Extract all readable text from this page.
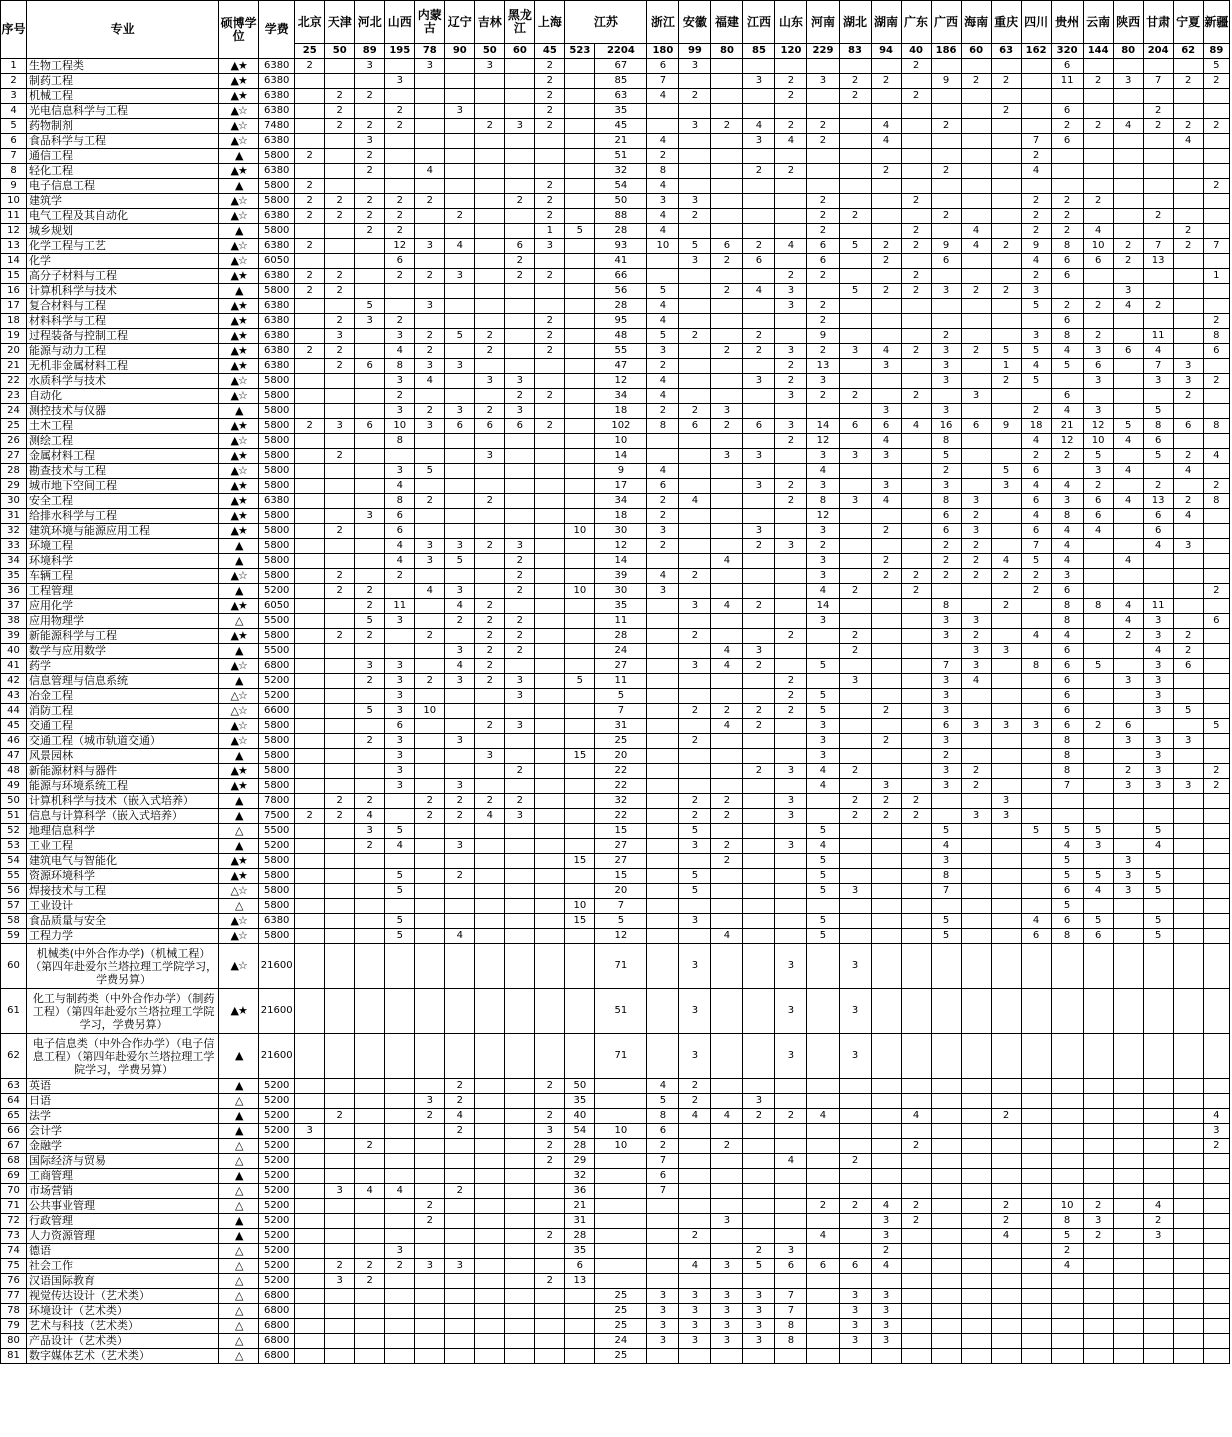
序号	专业	硕博学位	学费	北京	天津	河北	山西	内蒙古	辽宁	吉林	黑龙江	上海	江苏		浙江	安徽	福建	江西	山东	河南	湖北	湖南	广东	广西	海南	重庆	四川	贵州	云南	陕西	甘肃	宁夏	新疆
				25	50	89	195	78	90	50	60	45	523	2204	180	99	80	85	120	229	83	94	40	186	60	63	162	320	144	80	204	62	89
1	生物工程类	▲★	6380	2		3		3		3		2		67	6	3							2					6					5
2	制药工程	▲★	6380				3					2		85	7			3	2	3	2	2		9	2	2		11	2	3	7	2	2
3	机械工程	▲★	6380		2	2						2		63	4	2			2		2		2										
4	光电信息科学与工程	▲☆	6380		2		2		3			2		35												2		6			2		
5	药物制剂	▲☆	7480		2	2	2			2	3	2		45		3	2	4	2	2		4		2				2	2	4	2	2	2
6	食品科学与工程	▲☆	6380			3								21	4			3	4	2		4					7	6				4	
7	通信工程	▲	5800	2		2								51	2												2						
8	轻化工程	▲★	6380			2		4						32	8			2	2			2		2			4						
9	电子信息工程	▲	5800	2								2		54	4																		2
10	建筑学	▲☆	5800	2	2	2	2	2			2	2		50	3	3				2			2				2	2	2				
11	电气工程及其自动化	▲☆	6380	2	2	2	2		2			2		88	4	2				2	2			2			2	2			2		
12	城乡规划	▲	5800			2	2					1	5	28	4					2			2		4		2	2	4			2	
13	化学工程与工艺	▲☆	6380	2			12	3	4		6	3		93	10	5	6	2	4	6	5	2	2	9	4	2	9	8	10	2	7	2	7
14	化学	▲☆	6050				6				2			41		3	2	6		6		2		6			4	6	6	2	13		
15	高分子材料与工程	▲★	6380	2	2		2	2	3		2	2		66					2	2			2				2	6					1
16	计算机科学与技术	▲	5800	2	2									56	5		2	4	3		5	2	2	3	2	2	3			3			
17	复合材料与工程	▲★	6380			5		3						28	4				3	2							5	2	2	4	2		
18	材料科学与工程	▲★	6380		2	3	2					2		95	4					2								6					2
19	过程装备与控制工程	▲★	6380		3		3	2	5	2		2		48	5	2		2		9				2			3	8	2		11		8
20	能源与动力工程	▲★	6380	2	2		4	2		2		2		55	3		2	2	3	2	3	4	2	3	2	5	5	4	3	6	4		6
21	无机非金属材料工程	▲★	6380		2	6	8	3	3					47	2				2	13		3		3		1	4	5	6		7	3	
22	水质科学与技术	▲☆	5800				3	4		3	3			12	4			3	2	3				3		2	5		3		3	3	2
23	自动化	▲☆	5800				2				2	2		34	4				3	2	2		2		3			6				2	
24	测控技术与仪器	▲	5800				3	2	3	2	3			18	2	2	3					3		3			2	4	3		5		
25	土木工程	▲★	5800	2	3	6	10	3	6	6	6	2		102	8	6	2	6	3	14	6	6	4	16	6	9	18	21	12	5	8	6	8
26	测绘工程	▲☆	5800				8							10					2	12		4		8			4	12	10	4	6		
27	金属材料工程	▲★	5800		2					3				14			3	3		3	3	3		5			2	2	5		5	2	4
28	勘查技术与工程	▲☆	5800				3	5						9	4					4				2		5	6		3	4		4	
29	城市地下空间工程	▲★	5800				4							17	6			3	2	3		3		3		3	4	4	2		2		2
30	安全工程	▲★	6380				8	2		2				34	2	4			2	8	3	4		8	3		6	3	6	4	13	2	8
31	给排水科学与工程	▲★	5800			3	6							18	2					12				6	2		4	8	6		6	4	
32	建筑环境与能源应用工程	▲★	5800		2		6						10	30	3			3		3		2		6	3		6	4	4		6		
33	环境工程	▲	5800				4	3	3	2	3			12	2			2	3	2				2	2		7	4			4	3	
34	环境科学	▲	5800				4	3	5		2			14			4			3		2		2	2	4	5	4		4			
35	车辆工程	▲☆	5800		2		2				2			39	4	2				3		2	2	2	2	2	2	3					
36	工程管理	▲	5200		2	2		4	3		2		10	30	3					4	2		2				2	6					2
37	应用化学	▲★	6050			2	11		4	2				35		3	4	2		14				8		2		8	8	4	11		
38	应用物理学	△	5500			5	3		2	2	2			11						3				3	3			8		4	3		6
39	新能源科学与工程	▲★	5800		2	2		2		2	2			28		2			2		2			3	2		4	4		2	3	2	
40	数学与应用数学	▲	5500						3	2	2			24			4	3			2				3	3		6			4	2	
41	药学	▲☆	6800			3	3		4	2				27		3	4	2		5				7	3		8	6	5		3	6	
42	信息管理与信息系统	▲	5200			2	3	2	3	2	3		5	11					2		3			3	4			6		3	3		
43	冶金工程	△☆	5200				3				3			5					2	5				3				6			3		
44	消防工程	△☆	6600			5	3	10						7		2	2	2	2	5		2		3				6			3	5	
45	交通工程	▲☆	5800				6			2	3			31			4	2		3				6	3	3	3	6	2	6			5
46	交通工程（城市轨道交通）	▲☆	5800			2	3		3					25		2				3		2		3				8		3	3	3	
47	风景园林	▲	5800				3			3			15	20						3				2				8			3		
48	新能源材料与器件	▲★	5800				3				2			22				2	3	4	2			3	2			8		2	3		2
49	能源与环境系统工程	▲★	5800				3		3					22						4		3		3	2			7		3	3	3	2
50	计算机科学与技术（嵌入式培养）	▲	7800		2	2		2	2	2	2			32		2	2		3		2	2	2			3							
51	信息与计算科学（嵌入式培养）	▲	7500	2	2	4		2	2	4	3			22		2	2		3		2	2	2		3	3							
52	地理信息科学	△	5500			3	5							15		5				5				5			5	5	5		5		
53	工业工程	▲	5200			2	4		3					27		3	2		3	4				4				4	3		4		
54	建筑电气与智能化	▲★	5800										15	27			2			5				3				5		3			
55	资源环境科学	▲★	5800				5		2					15		5				5				8				5	5	3	5		
56	焊接技术与工程	△☆	5800				5							20		5				5	3			7				6	4	3	5		
57	工业设计	△	5800										10	7														5					
58	食品质量与安全	▲☆	6380				5						15	5		3				5				5			4	6	5		5		
59	工程力学	▲☆	5800				5		4					12			4			5				5			6	8	6		5		
60	机械类(中外合作办学)（机械工程）（第四年赴爱尔兰塔拉理工学院学习，学费另算）	▲☆	21600											71		3			3		3												
61	化工与制药类（中外合作办学）（制药工程）（第四年赴爱尔兰塔拉理工学院学习，学费另算）	▲★	21600											51		3			3		3												
62	电子信息类（中外合作办学）（电子信息工程）（第四年赴爱尔兰塔拉理工学院学习，学费另算）	▲	21600											71		3			3		3												
63	英语	▲	5200						2			2	50		4	2																	
64	日语	△	5200					3	2				35		5	2		3															
65	法学	▲	5200		2			2	4			2	40		8	4	4	2	2	4			4			2							4
66	会计学	▲	5200	3					2			3	54	10	6																		3
67	金融学	△	5200			2						2	28	10	2		2						2										2
68	国际经济与贸易	△	5200									2	29		7				4		2												
69	工商管理	▲	5200										32		6																		
70	市场营销	△	5200		3	4	4		2				36		7																		
71	公共事业管理	△	5200					2					21							2	2	4	2			2		10	2		4		
72	行政管理	▲	5200					2					31				3					3	2			2		8	3		2		
73	人力资源管理	▲	5200									2	28			2				4		3				4		5	2		3		
74	德语	△	5200				3						35					2	3			2						2					
75	社会工作	△	5200		2	2	2	3	3				6			4	3	5	6	6	6	4						4					
76	汉语国际教育	△	5200		3	2						2	13																				
77	视觉传达设计（艺术类）	△	6800											25	3	3	3	3	7		3	3											
78	环境设计（艺术类）	△	6800											25	3	3	3	3	7		3	3											
79	艺术与科技（艺术类）	△	6800											25	3	3	3	3	8		3	3											
80	产品设计（艺术类）	△	6800											24	3	3	3	3	8		3	3											
81	数字媒体艺术（艺术类）	△	6800											25																			
